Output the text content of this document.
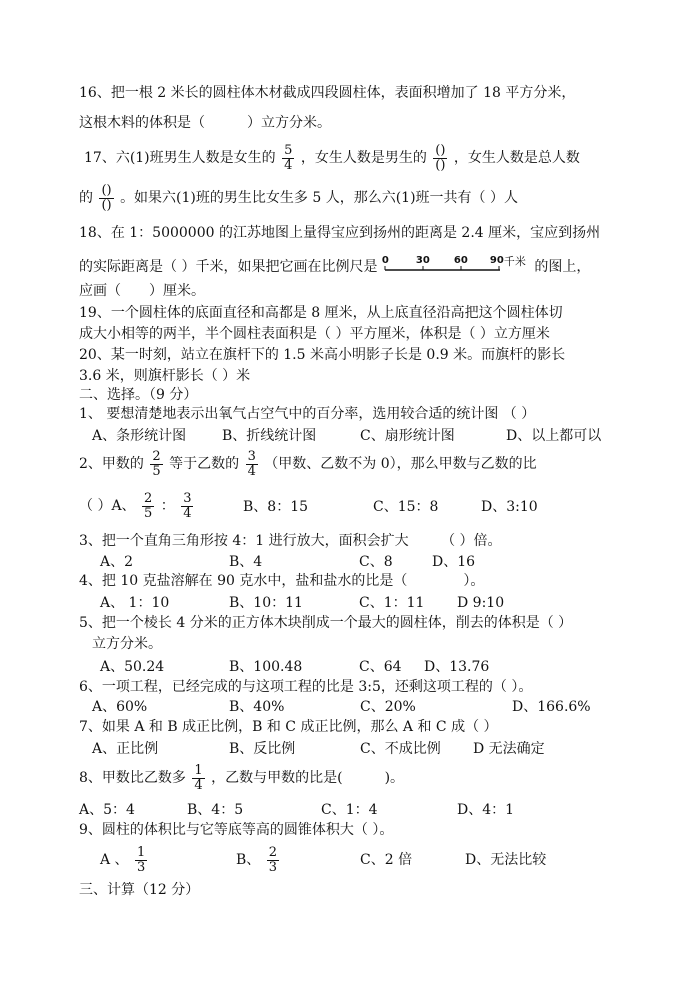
16、把一根 2 米长的圆柱体木材截成四段圆柱体，表面积增加了 18 平方分米，
这根木料的体积是（　　　）立方分米。
17、六(1)班男生人数是女生的 $\frac{5}{4}$ ，女生人数是男生的 $\frac{()}{()}$ ，女生人数是总人数
的 $\frac{()}{()}$ 。如果六(1)班的男生比女生多 5 人，那么六(1)班一共有（ ）人
18、在 1：5000000 的江苏地图上量得宝应到扬州的距离是 2.4 厘米，宝应到扬州
的实际距离是（ ）千米，如果把它画在比例尺是 0	30 60 90 千米 的图上，
应画（　　）厘米。
19、一个圆柱体的底面直径和高都是 8 厘米，从上底直径沿高把这个圆柱体切
成大小相等的两半，半个圆柱表面积是（ ）平方厘米，体积是（ ）立方厘米
20、某一时刻，站立在旗杆下的 1.5 米高小明影子长是 0.9 米。而旗杆的影长
3.6 米，则旗杆影长（ ）米
二、选择。（9 分）
1、 要想清楚地表示出氧气占空气中的百分率，选用较合适的统计图 （ ）
A、条形统计图	B、折线统计图	C、扇形统计图	D、以上都可以
2、甲数的 $\frac{2}{5}$ 等于乙数的 $\frac{3}{4}$ （甲数、乙数不为 0），那么甲数与乙数的比
（ ）A、 $\frac{2}{5}$ ： $\frac{3}{4}$	B、8：15	C、15：8	D、3:10
3、把一个直角三角形按 4：1 进行放大，面积会扩大　　 （ ）倍。
A、2	B、4	C、8	D、16
4、把 10 克盐溶解在 90 克水中，盐和盐水的比是（　　　　）。
A、 1：10	B、10：11	C、1：11 D 9:10
5、把一个棱长 4 分米的正方体木块削成一个最大的圆柱体，削去的体积是（ ）
立方分米。
A、50.24	B、100.48	C、64 D、13.76
6、一项工程，已经完成的与这项工程的比是 3:5，还剩这项工程的（ ）。
A、60%	B、40%	C、20%	D、166.6%
7、如果 A 和 B 成正比例，B 和 C 成正比例，那么 A 和 C 成（ ）
A、正比例	B、反比例	C、不成比例 D 无法确定
8、甲数比乙数多 $\frac{1}{4}$ ，乙数与甲数的比是(　　　)。
A、5：4	B、4：5	C、1：4	D、4：1
9、圆柱的体积比与它等底等高的圆锥体积大（ ）。
A 、 $\frac{1}{3}$	B、 $\frac{2}{3}$	C、2 倍	D、无法比较
三、计算（12 分）
